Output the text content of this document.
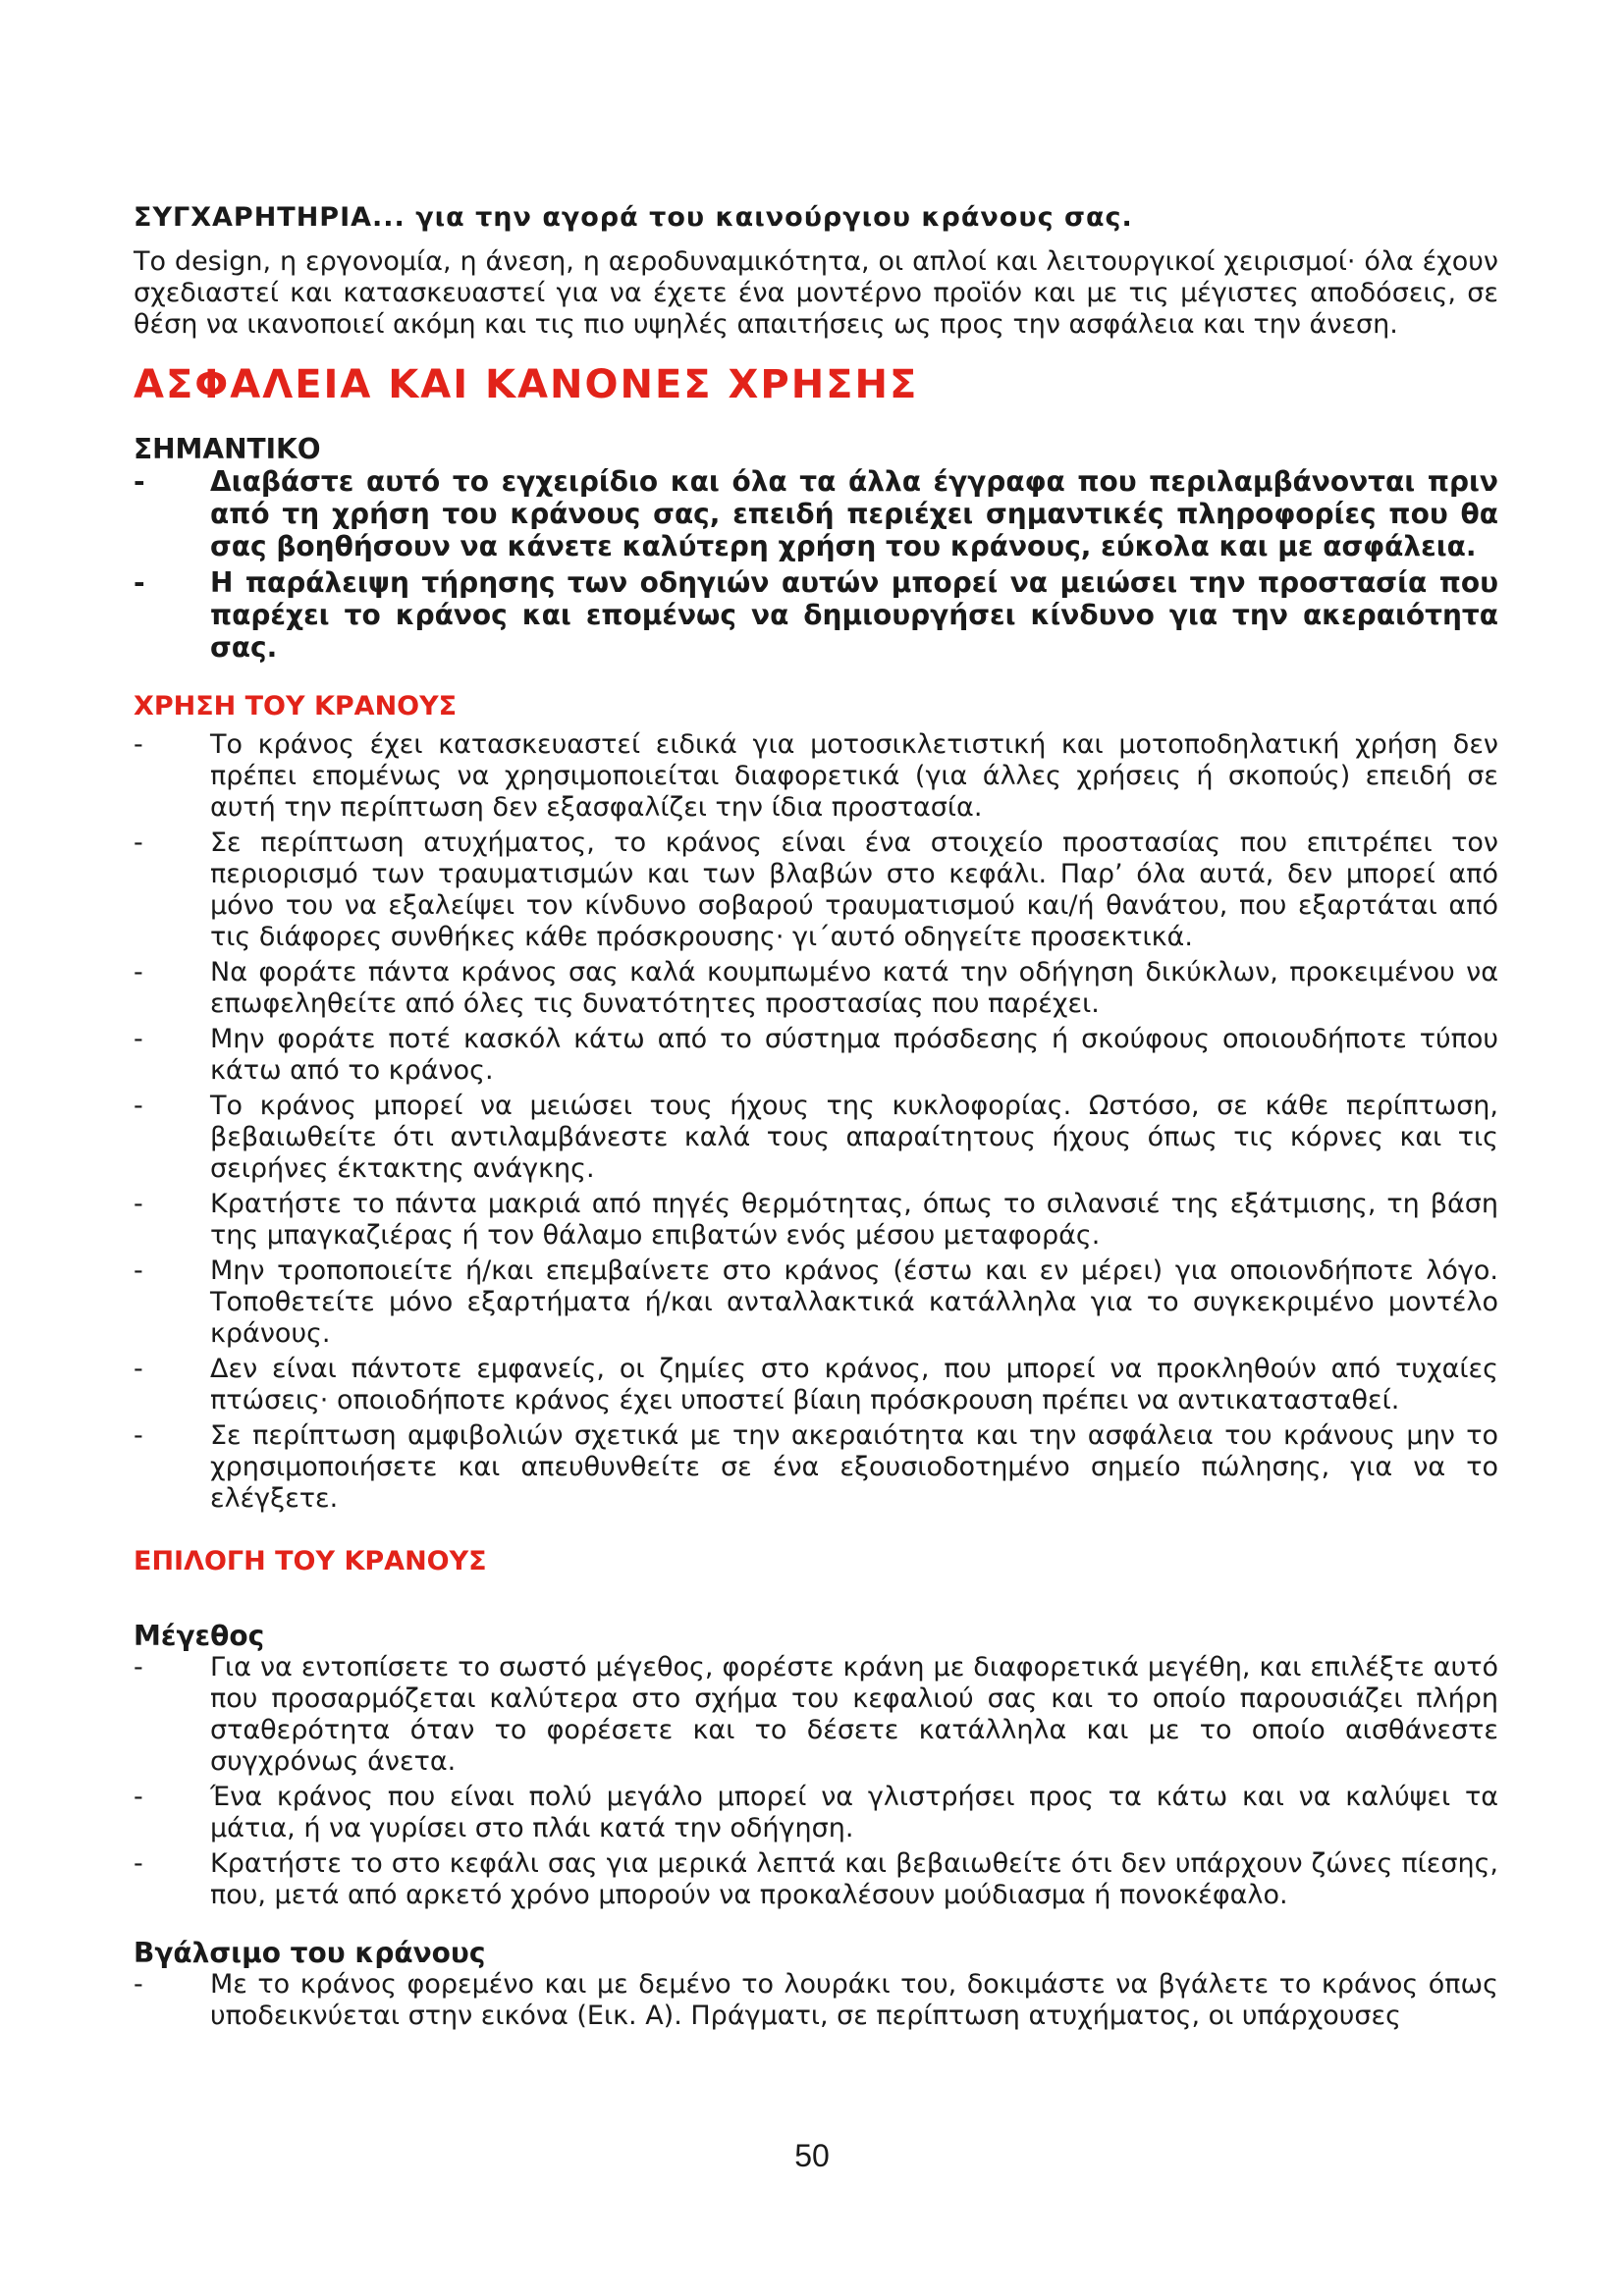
ΣΥΓΧΑΡΗΤΗΡΙΑ... για την αγορά του καινούργιου κράνους σας.

Το design, η εργονομία, η άνεση, η αεροδυναμικότητα, οι απλοί και λειτουργικοί χειρισμοί· όλα έχουν σχεδιαστεί και κατασκευαστεί για να έχετε ένα μοντέρνο προϊόν και με τις μέγιστες αποδόσεις, σε θέση να ικανοποιεί ακόμη και τις πιο υψηλές απαιτήσεις ως προς την ασφάλεια και την άνεση.

ΑΣΦΑΛΕΙΑ ΚΑΙ ΚΑΝΟΝΕΣ ΧΡΗΣΗΣ
ΣΗΜΑΝΤΙΚΟ
- Διαβάστε αυτό το εγχειρίδιο και όλα τα άλλα έγγραφα που περιλαμβάνονται πριν από τη χρήση του κράνους σας, επειδή περιέχει σημαντικές πληροφορίες που θα σας βοηθήσουν να κάνετε καλύτερη χρήση του κράνους, εύκολα και με ασφάλεια.
- Η παράλειψη τήρησης των οδηγιών αυτών μπορεί να μειώσει την προστασία που παρέχει το κράνος και επομένως να δημιουργήσει κίνδυνο για την ακεραιότητα σας.
ΧΡΗΣΗ ΤΟΥ ΚΡΑΝΟΥΣ
-	Το κράνος έχει κατασκευαστεί ειδικά για μοτοσικλετιστική και μοτοποδηλατική χρήση δεν πρέπει επομένως να χρησιμοποιείται διαφορετικά (για άλλες χρήσεις ή σκοπούς) επειδή σε αυτή την περίπτωση δεν εξασφαλίζει την ίδια προστασία.
-	Σε περίπτωση ατυχήματος, το κράνος είναι ένα στοιχείο προστασίας που επιτρέπει τον περιορισμό των τραυματισμών και των βλαβών στο κεφάλι. Παρ’ όλα αυτά, δεν μπορεί από μόνο του να εξαλείψει τον κίνδυνο σοβαρού τραυματισμού και/ή θανάτου, που εξαρτάται από τις διάφορες συνθήκες κάθε πρόσκρουσης· γι΄αυτό οδηγείτε προσεκτικά.
-	Να φοράτε πάντα κράνος σας καλά κουμπωμένο κατά την οδήγηση δικύκλων, προκειμένου να επωφεληθείτε από όλες τις δυνατότητες προστασίας που παρέχει.
-	Μην φοράτε ποτέ κασκόλ κάτω από το σύστημα πρόσδεσης ή σκούφους οποιουδήποτε τύπου κάτω από το κράνος.
-	Το κράνος μπορεί να μειώσει τους ήχους της κυκλοφορίας. Ωστόσο, σε κάθε περίπτωση, βεβαιωθείτε ότι αντιλαμβάνεστε καλά τους απαραίτητους ήχους όπως τις κόρνες και τις σειρήνες έκτακτης ανάγκης.
-	Κρατήστε το πάντα μακριά από πηγές θερμότητας, όπως το σιλανσιέ της εξάτμισης, τη βάση της μπαγκαζιέρας ή τον θάλαμο επιβατών ενός μέσου μεταφοράς.
-	Μην τροποποιείτε ή/και επεμβαίνετε στο κράνος (έστω και εν μέρει) για οποιονδήποτε λόγο. Τοποθετείτε μόνο εξαρτήματα ή/και ανταλλακτικά κατάλληλα για το συγκεκριμένο μοντέλο κράνους.
-	Δεν είναι πάντοτε εμφανείς, οι ζημίες στο κράνος, που μπορεί να προκληθούν από τυχαίες πτώσεις· οποιοδήποτε κράνος έχει υποστεί βίαιη πρόσκρουση πρέπει να αντικατασταθεί.
-	Σε περίπτωση αμφιβολιών σχετικά με την ακεραιότητα και την ασφάλεια του κράνους μην το χρησιμοποιήσετε και απευθυνθείτε σε ένα εξουσιοδοτημένο σημείο πώλησης, για να το ελέγξετε.
ΕΠΙΛΟΓΗ ΤΟΥ ΚΡΑΝΟΥΣ
Μέγεθος
-	Για να εντοπίσετε το σωστό μέγεθος, φορέστε κράνη με διαφορετικά μεγέθη, και επιλέξτε αυτό που προσαρμόζεται καλύτερα στο σχήμα του κεφαλιού σας και το οποίο παρουσιάζει πλήρη σταθερότητα όταν το φορέσετε και το δέσετε κατάλληλα και με το οποίο αισθάνεστε συγχρόνως άνετα.
-	Ένα κράνος που είναι πολύ μεγάλο μπορεί να γλιστρήσει προς τα κάτω και να καλύψει τα μάτια, ή να γυρίσει στο πλάι κατά την οδήγηση.
-	Κρατήστε το στο κεφάλι σας για μερικά λεπτά και βεβαιωθείτε ότι δεν υπάρχουν ζώνες πίεσης, που, μετά από αρκετό χρόνο μπορούν να προκαλέσουν μούδιασμα ή πονοκέφαλο.
Βγάλσιμο του κράνους
-	Με το κράνος φορεμένο και με δεμένο το λουράκι του, δοκιμάστε να βγάλετε το κράνος όπως υποδεικνύεται στην εικόνα (Εικ. Α). Πράγματι, σε περίπτωση ατυχήματος, οι υπάρχουσες
50
